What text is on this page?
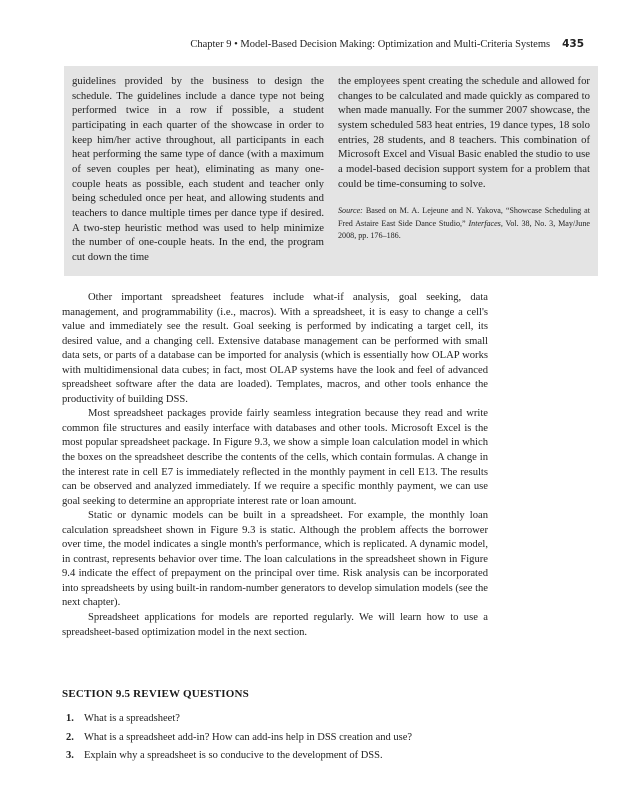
Chapter 9 • Model-Based Decision Making: Optimization and Multi-Criteria Systems 435

guidelines provided by the business to design the schedule. The guidelines include a dance type not being performed twice in a row if possible, a student participating in each quarter of the showcase in order to keep him/her active throughout, all participants in each heat performing the same type of dance (with a maximum of seven couples per heat), eliminating as many one-couple heats as possible, each student and teacher only being scheduled once per heat, and allowing students and teachers to dance multiple times per dance type if desired. A two-step heuristic method was used to help minimize the number of one-couple heats. In the end, the program cut down the time

the employees spent creating the schedule and allowed for changes to be calculated and made quickly as compared to when made manually. For the summer 2007 showcase, the system scheduled 583 heat entries, 19 dance types, 18 solo entries, 28 students, and 8 teachers. This combination of Microsoft Excel and Visual Basic enabled the studio to use a model-based decision support system for a problem that could be time-consuming to solve.

Source: Based on M. A. Lejeune and N. Yakova, “Showcase Scheduling at Fred Astaire East Side Dance Studio,” Interfaces, Vol. 38, No. 3, May/June 2008, pp. 176–186.

Other important spreadsheet features include what-if analysis, goal seeking, data management, and programmability (i.e., macros). With a spreadsheet, it is easy to change a cell's value and immediately see the result. Goal seeking is performed by indicating a target cell, its desired value, and a changing cell. Extensive database management can be performed with small data sets, or parts of a database can be imported for analysis (which is essentially how OLAP works with multidimensional data cubes; in fact, most OLAP systems have the look and feel of advanced spreadsheet software after the data are loaded). Templates, macros, and other tools enhance the productivity of building DSS.

Most spreadsheet packages provide fairly seamless integration because they read and write common file structures and easily interface with databases and other tools. Microsoft Excel is the most popular spreadsheet package. In Figure 9.3, we show a simple loan calculation model in which the boxes on the spreadsheet describe the contents of the cells, which contain formulas. A change in the interest rate in cell E7 is immediately reflected in the monthly payment in cell E13. The results can be observed and analyzed immediately. If we require a specific monthly payment, we can use goal seeking to determine an appropriate interest rate or loan amount.

Static or dynamic models can be built in a spreadsheet. For example, the monthly loan calculation spreadsheet shown in Figure 9.3 is static. Although the problem affects the borrower over time, the model indicates a single month's performance, which is replicated. A dynamic model, in contrast, represents behavior over time. The loan calculations in the spreadsheet shown in Figure 9.4 indicate the effect of prepayment on the principal over time. Risk analysis can be incorporated into spreadsheets by using built-in random-number generators to develop simulation models (see the next chapter).

Spreadsheet applications for models are reported regularly. We will learn how to use a spreadsheet-based optimization model in the next section.

SECTION 9.5 REVIEW QUESTIONS
1. What is a spreadsheet?
2. What is a spreadsheet add-in? How can add-ins help in DSS creation and use?
3. Explain why a spreadsheet is so conducive to the development of DSS.
